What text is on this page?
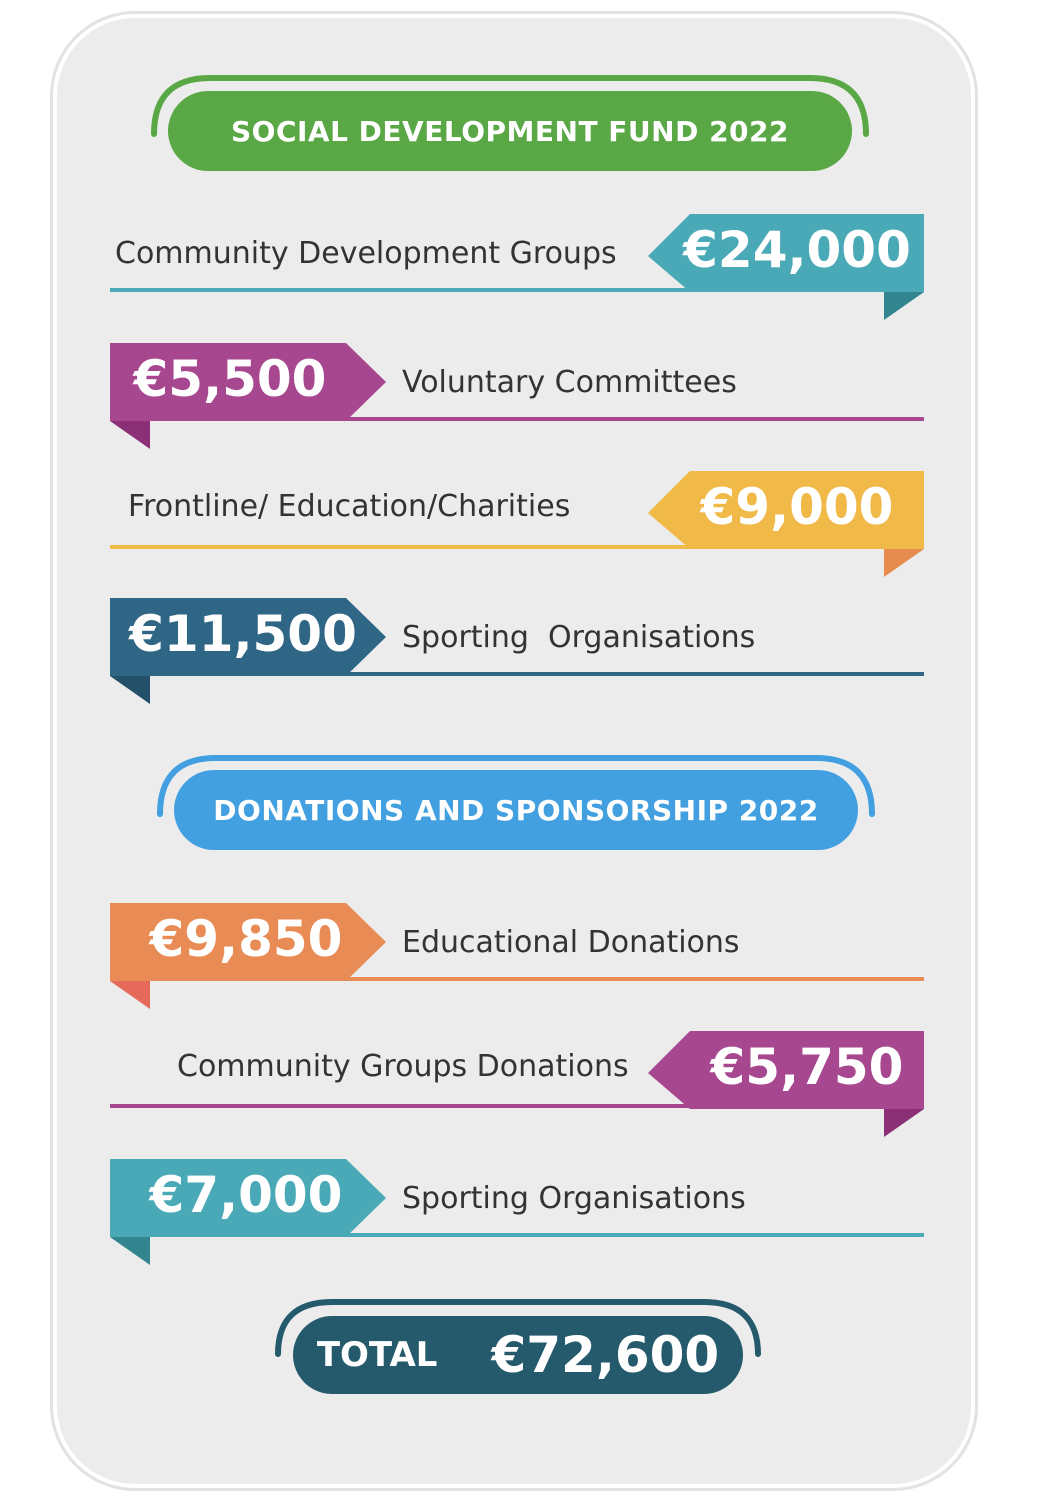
SOCIAL DEVELOPMENT FUND 2022
Community Development Groups €24,000
€5,500	Voluntary Committees
Frontline/ Education/Charities	€9,000
€11,500	Sporting  Organisations
DONATIONS AND SPONSORSHIP 2022
€9,850	Educational Donations
Community Groups Donations	€5,750
€7,000	Sporting Organisations
TOTAL €72,600
